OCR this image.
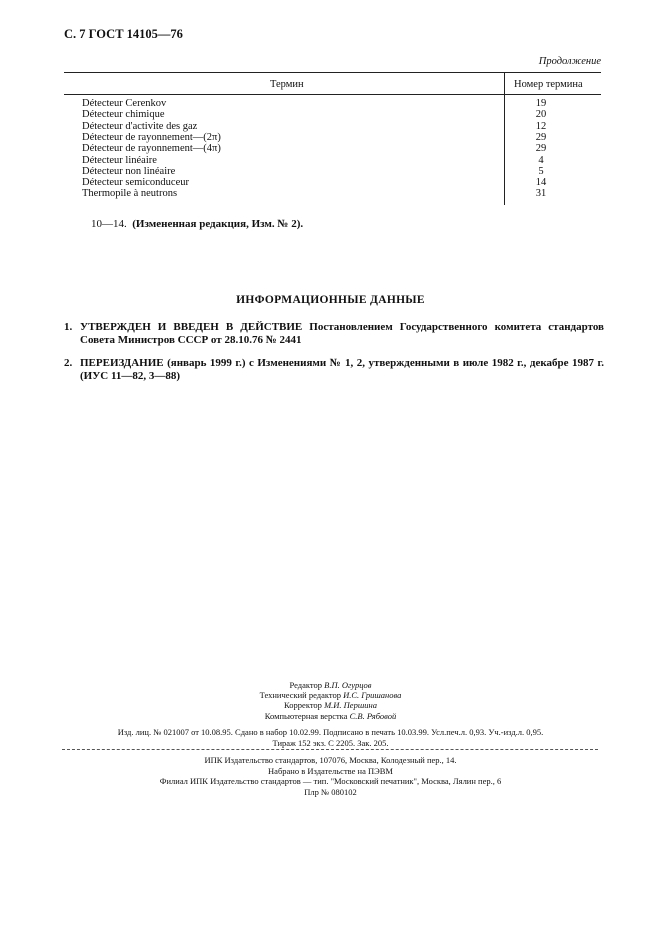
С. 7 ГОСТ 14105—76
Продолжение
Термин	Номер термина
Détecteur Cerenkov	19
Détecteur chimique	20
Détecteur d'activite des gaz	12
Détecteur de rayonnement—(2π)	29
Détecteur de rayonnement—(4π)	29
Détecteur linéaire	4
Détecteur non linéaire	5
Détecteur semiconduceur	14
Thermopile à neutrons	31
10—14. (Измененная редакция, Изм. № 2).
ИНФОРМАЦИОННЫЕ ДАННЫЕ
1. УТВЕРЖДЕН И ВВЕДЕН В ДЕЙСТВИЕ Постановлением Государственного комитета стандартов Совета Министров СССР от 28.10.76 № 2441
2. ПЕРЕИЗДАНИЕ (январь 1999 г.) с Изменениями № 1, 2, утвержденными в июле 1982 г., декабре 1987 г. (ИУС 11—82, 3—88)
Редактор В.П. Огурцов
Технический редактор И.С. Гришанова
Корректор М.И. Першина
Компьютерная верстка С.В. Рябовой
Изд. лиц. № 021007 от 10.08.95. Сдано в набор 10.02.99. Подписано в печать 10.03.99. Усл.печ.л. 0,93. Уч.-изд.л. 0,95.
Тираж 152 экз. С 2205. Зак. 205.
ИПК Издательство стандартов, 107076, Москва, Колодезный пер., 14.
Набрано в Издательстве на ПЭВМ
Филиал ИПК Издательство стандартов — тип. "Московский печатник", Москва, Лялин пер., 6
Плр № 080102
